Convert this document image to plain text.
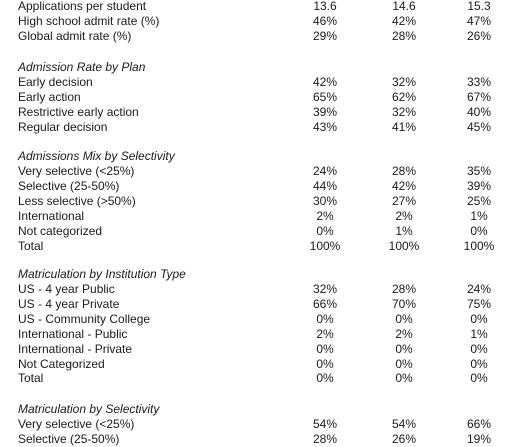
Applications per student	13.6	14.6	15.3
High school admit rate (%)	46%	42%	47%
Global admit rate (%)	29%	28%	26%
Admission Rate by Plan
Early decision	42%	32%	33%
Early action	65%	62%	67%
Restrictive early action	39%	32%	40%
Regular decision	43%	41%	45%
Admissions Mix by Selectivity
Very selective (<25%)	24%	28%	35%
Selective (25-50%)	44%	42%	39%
Less selective (>50%)	30%	27%	25%
International	2%	2%	1%
Not categorized	0%	1%	0%
Total	100%	100%	100%
Matriculation by Institution Type
US - 4 year Public	32%	28%	24%
US - 4 year Private	66%	70%	75%
US - Community College	0%	0%	0%
International - Public	2%	2%	1%
International - Private	0%	0%	0%
Not Categorized	0%	0%	0%
Total	0%	0%	0%
Matriculation by Selectivity
Very selective (<25%)	54%	54%	66%
Selective (25-50%)	28%	26%	19%
